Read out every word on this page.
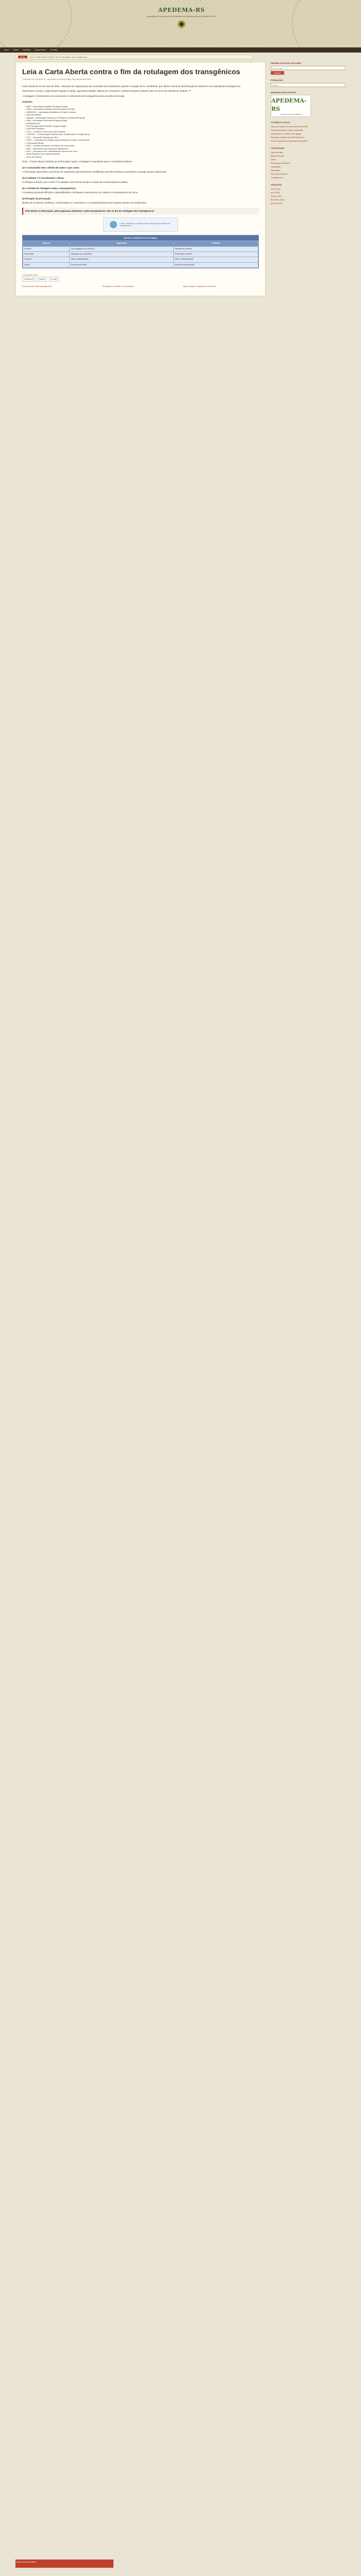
APEDEMA-RS
Assembleia Permanente de Entidades em Defesa do Meio Ambiente do RS
Início Sobre Notícias Documentos Contato
Início	Leia a Carta Aberta contra o fim da rotulagem dos transgênicos
Leia a Carta Aberta contra o fim da rotulagem dos transgênicos
Publicado em 20/05/2015 · Agricultura, Biotecnologia, Segurança Alimentar

Carta Aberta de 20 de maio de 2015 - Dezenas de organizações da sociedade civil manifestam repúdio à votação do PL 4148/2008, que altera a forma de identificação de alimentos com ingredientes transgênicos.

Movimentos sociais e organizações ligados à saúde, agricultura familiar, defesa do consumidor e direitos humanos alertam para os riscos da retirada do símbolo “T”.

A rotulagem é direito básico do consumidor e instrumento de transparência para escolha informada.

Assinam:
• ABA – Associação Brasileira de Agroecologia
• ABIA – Associação Brasileira Interdisciplinar de AIDS
• ABRASCO – Associação Brasileira de Saúde Coletiva
• ActionAid Brasil
• Agapan – Associação Gaúcha de Proteção ao Ambiente Natural
• ANA – Articulação Nacional de Agroecologia
• APEDEMA-RS
• AS-PTA Agricultura Familiar e Agroecologia
• CÁRITAS Brasileira
• CFN – Conselho Federal de Nutricionistas
• CONTAG – Confederação Nacional dos Trabalhadores na Agricultura
• CPT – Comissão Pastoral da Terra
• FASE – Federação de Órgãos para Assistência Social e Educacional
• Greenpeace Brasil
• IDEC – Instituto Brasileiro de Defesa do Consumidor
• MPA – Movimento dos Pequenos Agricultores
• MST – Movimento dos Trabalhadores Rurais Sem Terra
• Rede Brasileira de Justiça Ambiental
• Terra de Direitos

Nota – O texto abaixo sintetiza as razões pelas quais a rotulagem é importante para a sociedade brasileira.

1) O consumidor tem o direito de saber o que come.

A informação clara sobre a presença de organismos geneticamente modificados permite escolhas conscientes e protege grupos vulneráveis.

2) O símbolo T é reconhecido e eficaz.

O triângulo amarelo com a letra T foi adotado como forma simples e visível de comunicação ao público.

3) A retirada da rotulagem reduz a transparência.

A mudança proposta dificulta a rastreabilidade e enfraquece mecanismos de controle e monitoramento de riscos.

4) Princípio da precaução.

Diante de incertezas científicas, a informação ao consumidor e o acompanhamento dos impactos devem ser fortalecidos.

Pelo direito à informação, pela segurança alimentar e pela transparência: não ao fim da rotulagem dos transgênicos!
Vídeo: Entenda o debate sobre rotulagem de alimentos transgênicos
Quadro comparativo da rotulagem
Aspecto	Regra atual	Proposta
Símbolo	Uso obrigatório do símbolo T	Retirada do símbolo
Informação	Indicação ao consumidor	Informação reduzida
Controle	Maior rastreabilidade	Menor rastreabilidade
Direito	Escolha informada	Escolha comprometida
Compartilhe isso:
Facebook	Twitter	E-mail
Nota pública sobre transgênicos	Rotulagem e direito do consumidor	Agroecologia e segurança alimentar
RECEBA NOTÍCIAS VIA E-MAIL
Seu e-mail
Assinar
PESQUISAR
Buscar
INFORMAÇÕES DE REDE
APEDEMA-RS
NO MEIO DO MEIO AMBIENTE
ÚLTIMAS DO BLOG
Nota de repúdio ao desmonte ambiental
Audiência pública sobre mineração
Campanha em defesa das águas
Reunião ordinária da APEDEMA-RS
Fórum regional de entidades ambientais
CATEGORIAS
Agroecologia
Biodiversidade
Clima
Educação Ambiental
Legislação
Mineração
Recursos Hídricos
Transgênicos
ARQUIVOS
maio 2015
abril 2015
março 2015
fevereiro 2015
janeiro 2015
Deixe um comentário
